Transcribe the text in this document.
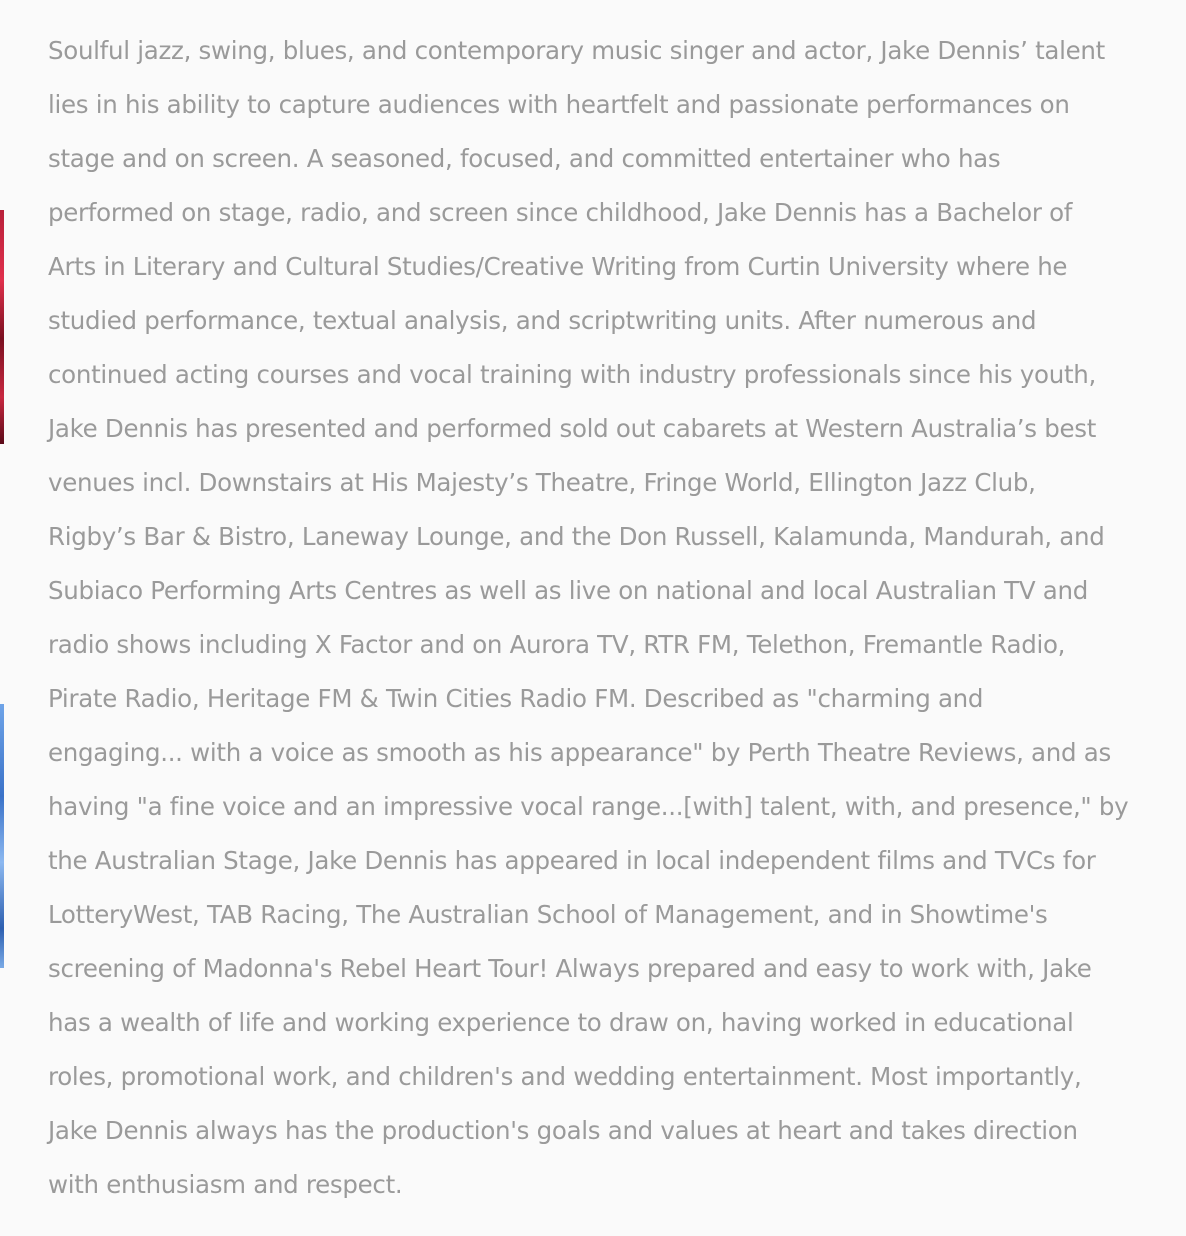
Soulful jazz, swing, blues, and contemporary music singer and actor, Jake Dennis’ talent
lies in his ability to capture audiences with heartfelt and passionate performances on
stage and on screen. A seasoned, focused, and committed entertainer who has
performed on stage, radio, and screen since childhood, Jake Dennis has a Bachelor of
Arts in Literary and Cultural Studies/Creative Writing from Curtin University where he
studied performance, textual analysis, and scriptwriting units. After numerous and
continued acting courses and vocal training with industry professionals since his youth,
Jake Dennis has presented and performed sold out cabarets at Western Australia’s best
venues incl. Downstairs at His Majesty’s Theatre, Fringe World, Ellington Jazz Club,
Rigby’s Bar & Bistro, Laneway Lounge, and the Don Russell, Kalamunda, Mandurah, and
Subiaco Performing Arts Centres as well as live on national and local Australian TV and
radio shows including X Factor and on Aurora TV, RTR FM, Telethon, Fremantle Radio,
Pirate Radio, Heritage FM & Twin Cities Radio FM. Described as "charming and
engaging... with a voice as smooth as his appearance" by Perth Theatre Reviews, and as
having "a fine voice and an impressive vocal range...[with] talent, with, and presence," by
the Australian Stage, Jake Dennis has appeared in local independent films and TVCs for
LotteryWest, TAB Racing, The Australian School of Management, and in Showtime's
screening of Madonna's Rebel Heart Tour! Always prepared and easy to work with, Jake
has a wealth of life and working experience to draw on, having worked in educational
roles, promotional work, and children's and wedding entertainment. Most importantly,
Jake Dennis always has the production's goals and values at heart and takes direction
with enthusiasm and respect.
